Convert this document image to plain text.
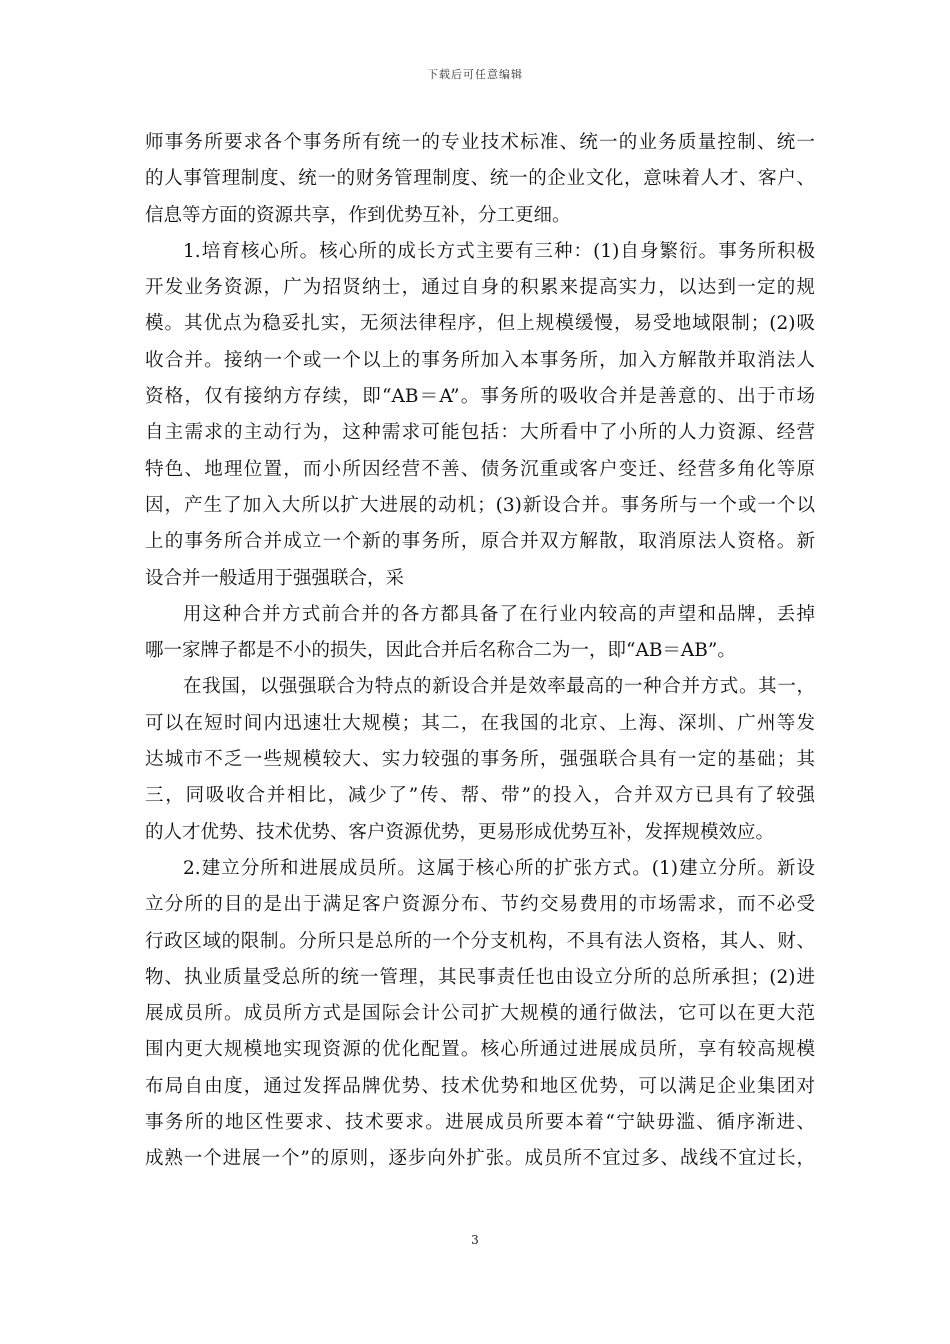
下载后可任意编辑
师事务所要求各个事务所有统一的专业技术标准、统一的业务质量控制、统一
的人事管理制度、统一的财务管理制度、统一的企业文化，意味着人才、客户、
信息等方面的资源共享，作到优势互补，分工更细。
1.培育核心所。核心所的成长方式主要有三种：(1)自身繁衍。事务所积极
开发业务资源，广为招贤纳士，通过自身的积累来提高实力，以达到一定的规
模。其优点为稳妥扎实，无须法律程序，但上规模缓慢，易受地域限制；(2)吸
收合并。接纳一个或一个以上的事务所加入本事务所，加入方解散并取消法人
资格，仅有接纳方存续，即“AB＝A”。事务所的吸收合并是善意的、出于市场
自主需求的主动行为，这种需求可能包括：大所看中了小所的人力资源、经营
特色、地理位置，而小所因经营不善、债务沉重或客户变迁、经营多角化等原
因，产生了加入大所以扩大进展的动机；(3)新设合并。事务所与一个或一个以
上的事务所合并成立一个新的事务所，原合并双方解散，取消原法人资格。新
设合并一般适用于强强联合，采
用这种合并方式前合并的各方都具备了在行业内较高的声望和品牌，丢掉
哪一家牌子都是不小的损失，因此合并后名称合二为一，即“AB＝AB”。
在我国，以强强联合为特点的新设合并是效率最高的一种合并方式。其一，
可以在短时间内迅速壮大规模；其二，在我国的北京、上海、深圳、广州等发
达城市不乏一些规模较大、实力较强的事务所，强强联合具有一定的基础；其
三，同吸收合并相比，减少了”传、帮、带”的投入，合并双方已具有了较强
的人才优势、技术优势、客户资源优势，更易形成优势互补，发挥规模效应。
2.建立分所和进展成员所。这属于核心所的扩张方式。(1)建立分所。新设
立分所的目的是出于满足客户资源分布、节约交易费用的市场需求，而不必受
行政区域的限制。分所只是总所的一个分支机构，不具有法人资格，其人、财、
物、执业质量受总所的统一管理，其民事责任也由设立分所的总所承担；(2)进
展成员所。成员所方式是国际会计公司扩大规模的通行做法，它可以在更大范
围内更大规模地实现资源的优化配置。核心所通过进展成员所，享有较高规模
布局自由度，通过发挥品牌优势、技术优势和地区优势，可以满足企业集团对
事务所的地区性要求、技术要求。进展成员所要本着“宁缺毋滥、循序渐进、
成熟一个进展一个”的原则，逐步向外扩张。成员所不宜过多、战线不宜过长，
3
